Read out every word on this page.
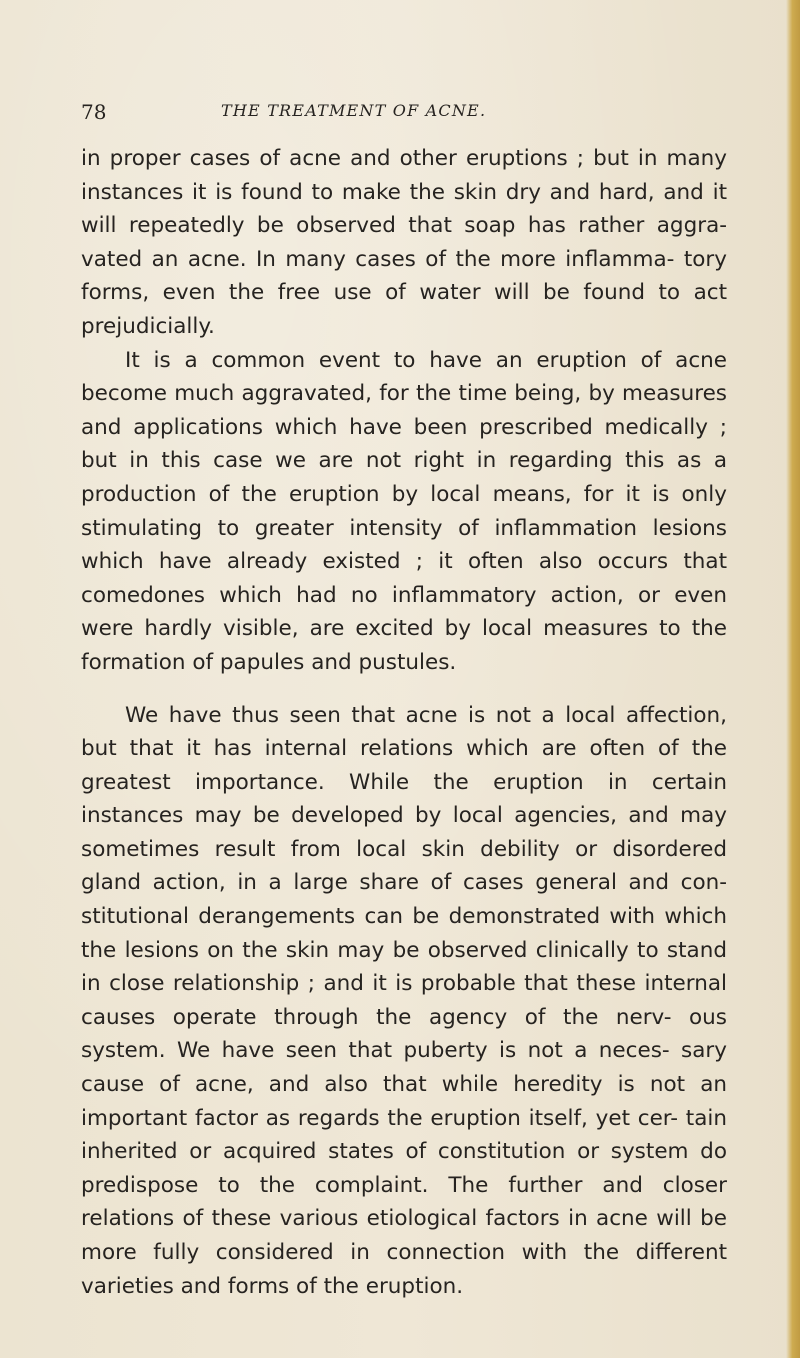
78	THE TREATMENT OF ACNE.

in proper cases of acne and other eruptions ; but in many instances it is found to make the skin dry and hard, and it will repeatedly be observed that soap has rather aggra- vated an acne. In many cases of the more inflamma- tory forms, even the free use of water will be found to act prejudicially.

It is a common event to have an eruption of acne become much aggravated, for the time being, by measures and applications which have been prescribed medically ; but in this case we are not right in regarding this as a production of the eruption by local means, for it is only stimulating to greater intensity of inflammation lesions which have already existed ; it often also occurs that comedones which had no inflammatory action, or even were hardly visible, are excited by local measures to the formation of papules and pustules.

We have thus seen that acne is not a local affection, but that it has internal relations which are often of the greatest importance. While the eruption in certain instances may be developed by local agencies, and may sometimes result from local skin debility or disordered gland action, in a large share of cases general and con- stitutional derangements can be demonstrated with which the lesions on the skin may be observed clinically to stand in close relationship ; and it is probable that these internal causes operate through the agency of the nerv- ous system. We have seen that puberty is not a neces- sary cause of acne, and also that while heredity is not an important factor as regards the eruption itself, yet cer- tain inherited or acquired states of constitution or system do predispose to the complaint. The further and closer relations of these various etiological factors in acne will be more fully considered in connection with the different varieties and forms of the eruption.
